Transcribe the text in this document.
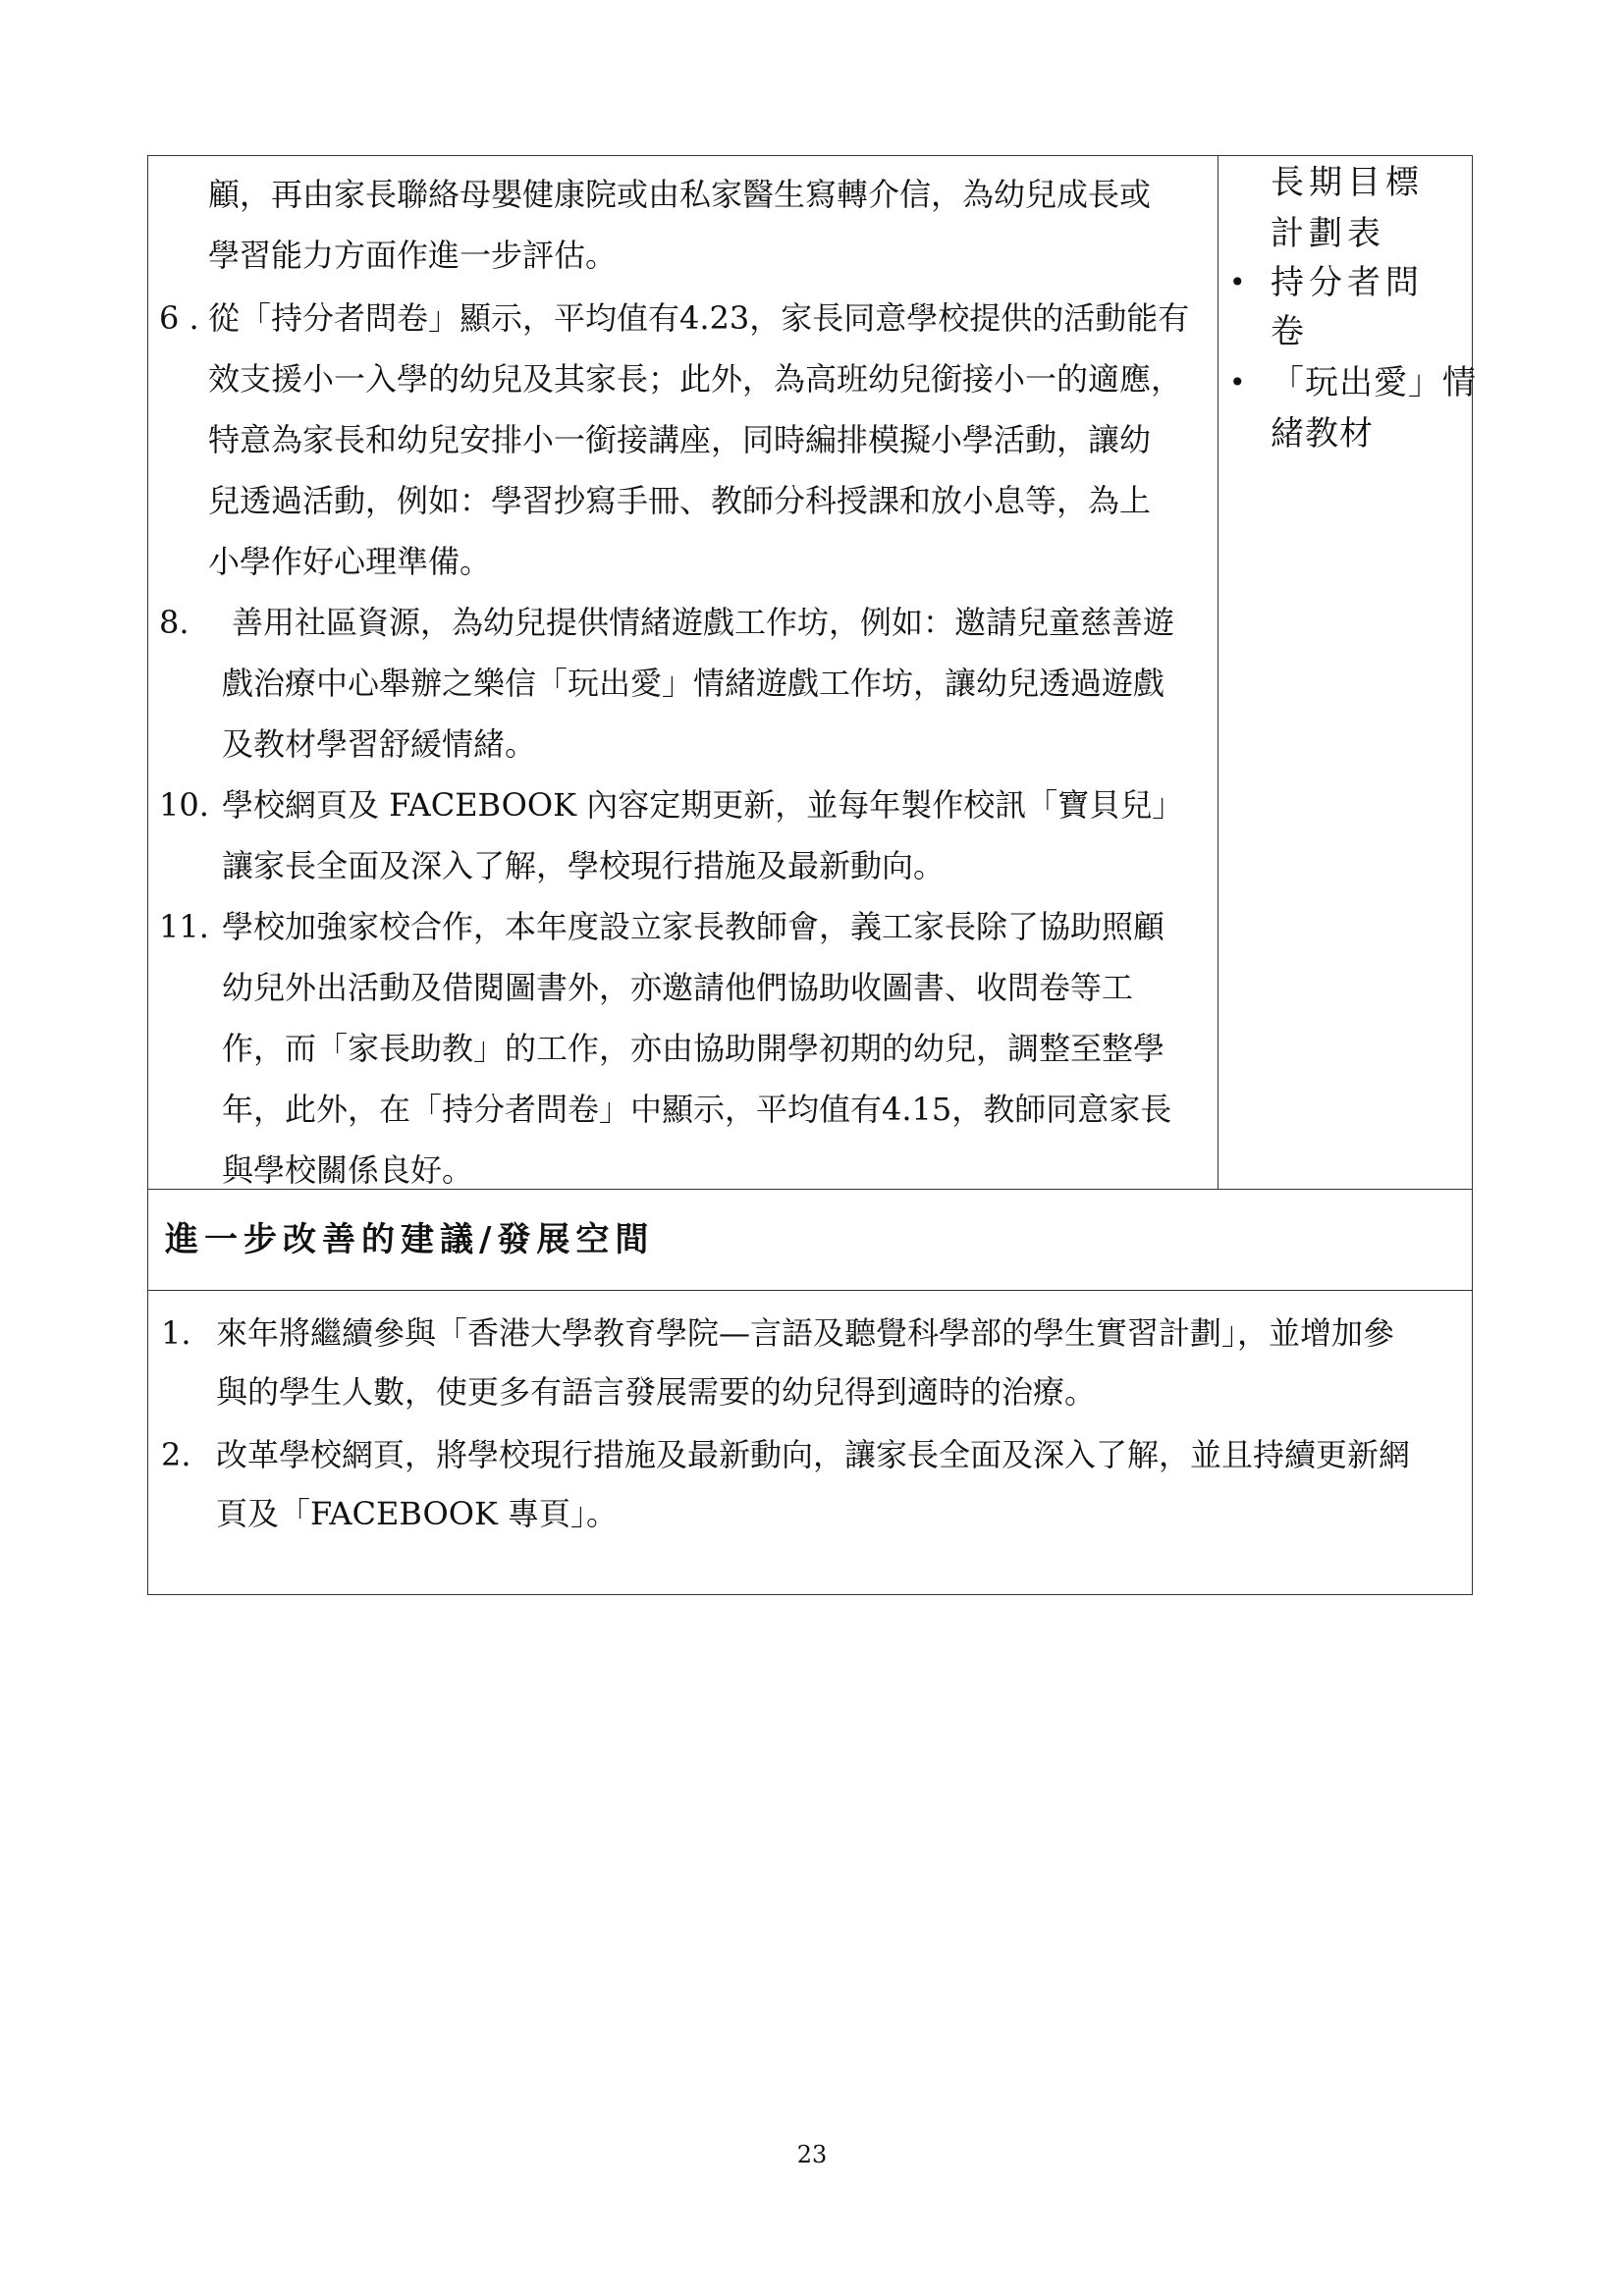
顧，再由家長聯絡母嬰健康院或由私家醫生寫轉介信，為幼兒成長或
學習能力方面作進一步評估。
6 . 從「持分者問卷」顯示，平均值有4.23，家長同意學校提供的活動能有
效支援小一入學的幼兒及其家長；此外，為高班幼兒銜接小一的適應，
特意為家長和幼兒安排小一銜接講座，同時編排模擬小學活動，讓幼
兒透過活動，例如：學習抄寫手冊、教師分科授課和放小息等，為上
小學作好心理準備。
8. 善用社區資源，為幼兒提供情緒遊戲工作坊，例如：邀請兒童慈善遊
戲治療中心舉辦之樂信「玩出愛」情緒遊戲工作坊，讓幼兒透過遊戲
及教材學習舒緩情緒。
10. 學校網頁及 FACEBOOK 內容定期更新，並每年製作校訊「寶貝兒」
讓家長全面及深入了解，學校現行措施及最新動向。
11. 學校加強家校合作，本年度設立家長教師會，義工家長除了協助照顧
幼兒外出活動及借閱圖書外，亦邀請他們協助收圖書、收問卷等工
作，而「家長助教」的工作，亦由協助開學初期的幼兒，調整至整學
年，此外，在「持分者問卷」中顯示，平均值有4.15，教師同意家長
與學校關係良好。
長期目標
計劃表
• 持分者問
卷
• 「玩出愛」情
緒教材
進一步改善的建議/發展空間
1. 來年將繼續參與「香港大學教育學院—言語及聽覺科學部的學生實習計劃」，並增加參
與的學生人數，使更多有語言發展需要的幼兒得到適時的治療。
2. 改革學校網頁，將學校現行措施及最新動向，讓家長全面及深入了解，並且持續更新網
頁及「FACEBOOK 專頁」。
23
